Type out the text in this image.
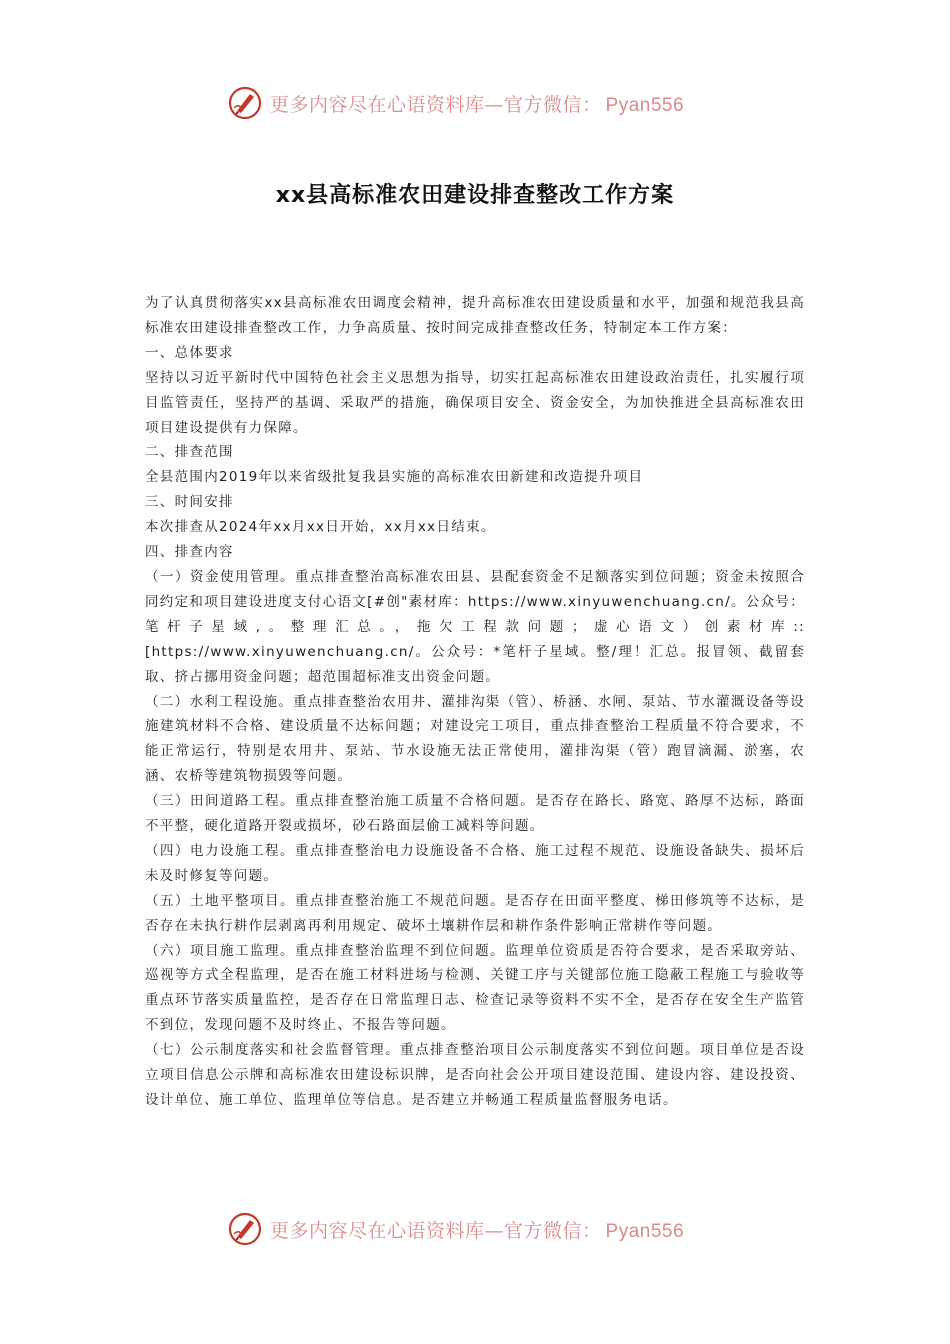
更多内容尽在心语资料库—官方微信： Pyan556
xx县高标准农田建设排查整改工作方案

为了认真贯彻落实xx县高标准农田调度会精神，提升高标准农田建设质量和水平，加强和规范我县高标准农田建设排查整改工作，力争高质量、按时间完成排查整改任务，特制定本工作方案：

一、总体要求

坚持以习近平新时代中国特色社会主义思想为指导，切实扛起高标准农田建设政治责任，扎实履行项目监管责任，坚持严的基调、采取严的措施，确保项目安全、资金安全，为加快推进全县高标准农田项目建设提供有力保障。

二、排查范围

全县范围内2019年以来省级批复我县实施的高标准农田新建和改造提升项目

三、时间安排

本次排查从2024年xx月xx日开始，xx月xx日结束。

四、排查内容

（一）资金使用管理。重点排查整治高标准农田县、县配套资金不足额落实到位问题；资金未按照合同约定和项目建设进度支付心语文[#创"素材库：https://www.xinyuwenchuang.cn/。公众号：笔杆子星域,。整理汇总。，拖欠工程款问题；虚心语文）创素材库::[https://www.xinyuwenchuang.cn/。公众号：*笔杆子星域。整/理！汇总。报冒领、截留套取、挤占挪用资金问题；超范围超标准支出资金问题。

（二）水利工程设施。重点排查整治农用井、灌排沟渠（管）、桥涵、水闸、泵站、节水灌溉设备等设施建筑材料不合格、建设质量不达标问题；对建设完工项目，重点排查整治工程质量不符合要求，不能正常运行，特别是农用井、泵站、节水设施无法正常使用，灌排沟渠（管）跑冒滴漏、淤塞，农涵、农桥等建筑物损毁等问题。

（三）田间道路工程。重点排查整治施工质量不合格问题。是否存在路长、路宽、路厚不达标，路面不平整，硬化道路开裂或损坏，砂石路面层偷工减料等问题。

（四）电力设施工程。重点排查整治电力设施设备不合格、施工过程不规范、设施设备缺失、损坏后未及时修复等问题。

（五）土地平整项目。重点排查整治施工不规范问题。是否存在田面平整度、梯田修筑等不达标，是否存在未执行耕作层剥离再利用规定、破坏土壤耕作层和耕作条件影响正常耕作等问题。

（六）项目施工监理。重点排查整治监理不到位问题。监理单位资质是否符合要求，是否采取旁站、巡视等方式全程监理，是否在施工材料进场与检测、关键工序与关键部位施工隐蔽工程施工与验收等重点环节落实质量监控，是否存在日常监理日志、检查记录等资料不实不全，是否存在安全生产监管不到位，发现问题不及时终止、不报告等问题。

（七）公示制度落实和社会监督管理。重点排查整治项目公示制度落实不到位问题。项目单位是否设立项目信息公示牌和高标准农田建设标识牌，是否向社会公开项目建设范围、建设内容、建设投资、设计单位、施工单位、监理单位等信息。是否建立并畅通工程质量监督服务电话。

更多内容尽在心语资料库—官方微信： Pyan556
